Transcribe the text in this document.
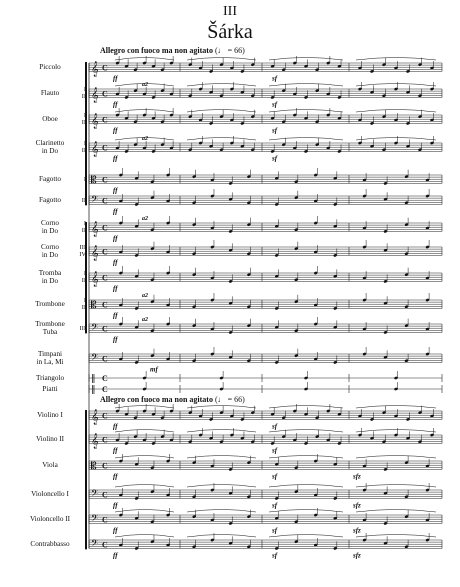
𝄞 C
ff	sf
𝄞 C
ff	sf
𝄞 C
ff	sf
𝄞 C
ff	sf
𝄡 C
ff
𝄢 C
ff
𝄞 C
ff
𝄞 C
ff
𝄞 C
ff
𝄡 C
ff
𝄢 C
ff
𝄢 C
mf
‖ C
‖ C
𝄞 C
ff	sf
𝄞 C
ff	sf
𝄡 C
ff	sf	sfz
𝄢 C
ff	sf	sfz
𝄢 C
ff	sf	sfz
𝄢 C
ff	sf	sfz
a2
a2
a2
a2
a2
III
Šárka
Allegro con fuoco ma non agitato (♩ = 66)
Allegro con fuoco ma non agitato (♩ = 66)
Piccolo
Flauto	I
II
Oboe	I
II
Clarinetto
in Do
I
II
Fagotto	I
Fagotto	II
Corno
in Do
I
II
Corno
in Do
III
IV
Tromba
in Do
I
II
Trombone	I
II
Trombone
Tuba	III
Timpani
in La, Mi
Triangolo
Piatti
Violino I
Violino II
Viola
Violoncello I
Violoncello II
Contrabbasso
